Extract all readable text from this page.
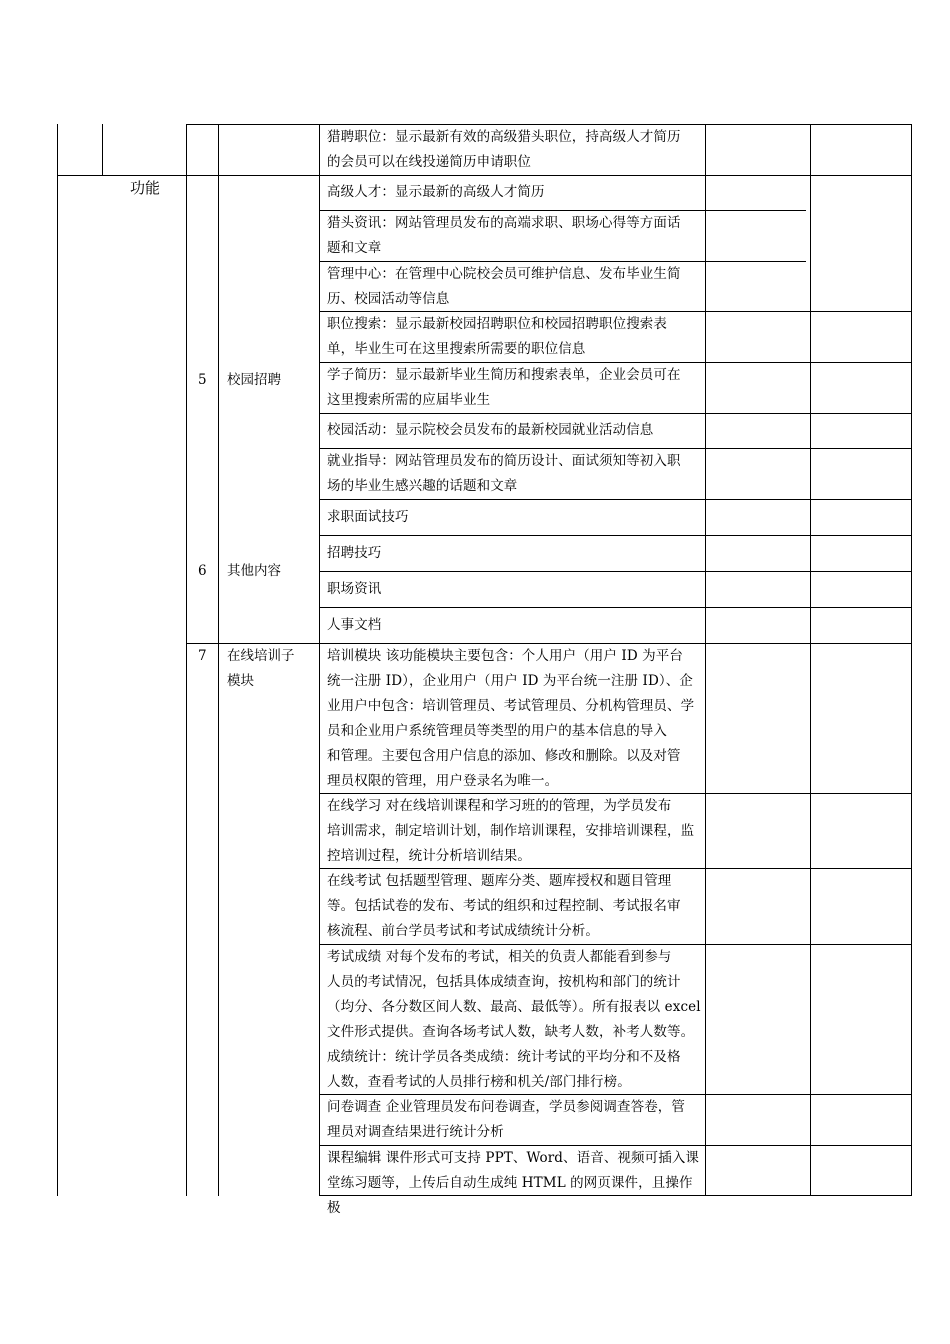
功能
5 校园招聘
6 其他内容
7 在线培训子
模块
猎聘职位：显示最新有效的高级猎头职位，持高级人才简历
的会员可以在线投递简历申请职位
高级人才：显示最新的高级人才简历
猎头资讯：网站管理员发布的高端求职、职场心得等方面话
题和文章
管理中心：在管理中心院校会员可维护信息、发布毕业生简
历、校园活动等信息
职位搜索：显示最新校园招聘职位和校园招聘职位搜索表
单，毕业生可在这里搜索所需要的职位信息
学子简历：显示最新毕业生简历和搜索表单，企业会员可在
这里搜索所需的应届毕业生
校园活动：显示院校会员发布的最新校园就业活动信息
就业指导：网站管理员发布的简历设计、面试须知等初入职
场的毕业生感兴趣的话题和文章
求职面试技巧
招聘技巧
职场资讯
人事文档
培训模块 该功能模块主要包含：个人用户（用户 ID 为平台
统一注册 ID），企业用户（用户 ID 为平台统一注册 ID）、企
业用户中包含：培训管理员、考试管理员、分机构管理员、学
员和企业用户系统管理员等类型的用户的基本信息的导入
和管理。主要包含用户信息的添加、修改和删除。以及对管
理员权限的管理，用户登录名为唯一。
在线学习 对在线培训课程和学习班的的管理，为学员发布
培训需求，制定培训计划，制作培训课程，安排培训课程，监
控培训过程，统计分析培训结果。
在线考试 包括题型管理、题库分类、题库授权和题目管理
等。包括试卷的发布、考试的组织和过程控制、考试报名审
核流程、前台学员考试和考试成绩统计分析。
考试成绩 对每个发布的考试，相关的负责人都能看到参与
人员的考试情况，包括具体成绩查询，按机构和部门的统计
（均分、各分数区间人数、最高、最低等）。所有报表以 excel
文件形式提供。查询各场考试人数，缺考人数，补考人数等。
成绩统计：统计学员各类成绩：统计考试的平均分和不及格
人数，查看考试的人员排行榜和机关/部门排行榜。
问卷调查 企业管理员发布问卷调查，学员参阅调查答卷，管
理员对调查结果进行统计分析
课程编辑 课件形式可支持 PPT、Word、语音、视频可插入课
堂练习题等，上传后自动生成纯 HTML 的网页课件，且操作极
